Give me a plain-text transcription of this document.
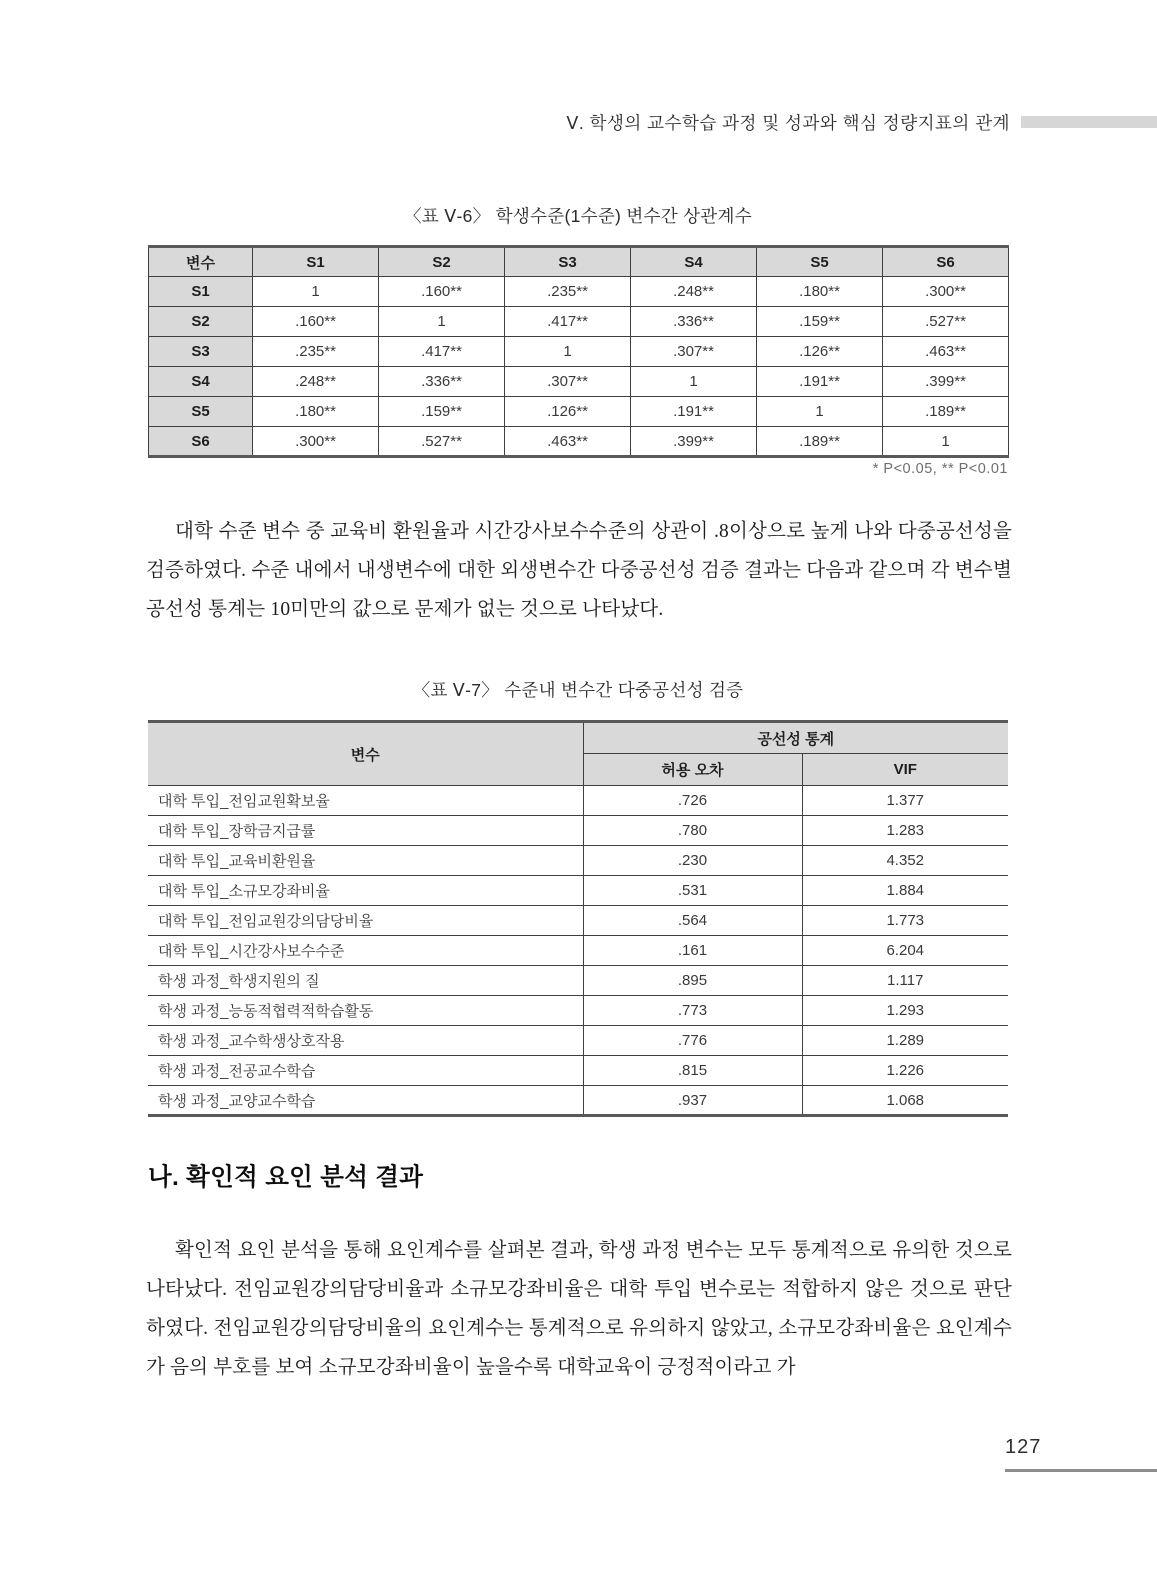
Ⅴ. 학생의 교수학습 과정 및 성과와 핵심 정량지표의 관계
〈표 Ⅴ-6〉 학생수준(1수준) 변수간 상관계수
변수	S1	S2	S3	S4	S5	S6
S1	1	.160**	.235**	.248**	.180**	.300**
S2	.160**	1	.417**	.336**	.159**	.527**
S3	.235**	.417**	1	.307**	.126**	.463**
S4	.248**	.336**	.307**	1	.191**	.399**
S5	.180**	.159**	.126**	.191**	1	.189**
S6	.300**	.527**	.463**	.399**	.189**	1
* P<0.05, ** P<0.01

대학 수준 변수 중 교육비 환원율과 시간강사보수수준의 상관이 .8이상으로 높게 나와 다중공선성을 검증하였다. 수준 내에서 내생변수에 대한 외생변수간 다중공선성 검증 결과는 다음과 같으며 각 변수별 공선성 통계는 10미만의 값으로 문제가 없는 것으로 나타났다.

〈표 Ⅴ-7〉 수준내 변수간 다중공선성 검증
변수	공선성 통계	
	허용 오차	VIF
대학 투입_전임교원확보율	.726	1.377
대학 투입_장학금지급률	.780	1.283
대학 투입_교육비환원율	.230	4.352
대학 투입_소규모강좌비율	.531	1.884
대학 투입_전임교원강의담당비율	.564	1.773
대학 투입_시간강사보수수준	.161	6.204
학생 과정_학생지원의 질	.895	1.117
학생 과정_능동적협력적학습활동	.773	1.293
학생 과정_교수학생상호작용	.776	1.289
학생 과정_전공교수학습	.815	1.226
학생 과정_교양교수학습	.937	1.068
나. 확인적 요인 분석 결과

확인적 요인 분석을 통해 요인계수를 살펴본 결과, 학생 과정 변수는 모두 통계적으로 유의한 것으로 나타났다. 전임교원강의담당비율과 소규모강좌비율은 대학 투입 변수로는 적합하지 않은 것으로 판단하였다. 전임교원강의담당비율의 요인계수는 통계적으로 유의하지 않았고, 소규모강좌비율은 요인계수가 음의 부호를 보여 소규모강좌비율이 높을수록 대학교육이 긍정적이라고 가

127
